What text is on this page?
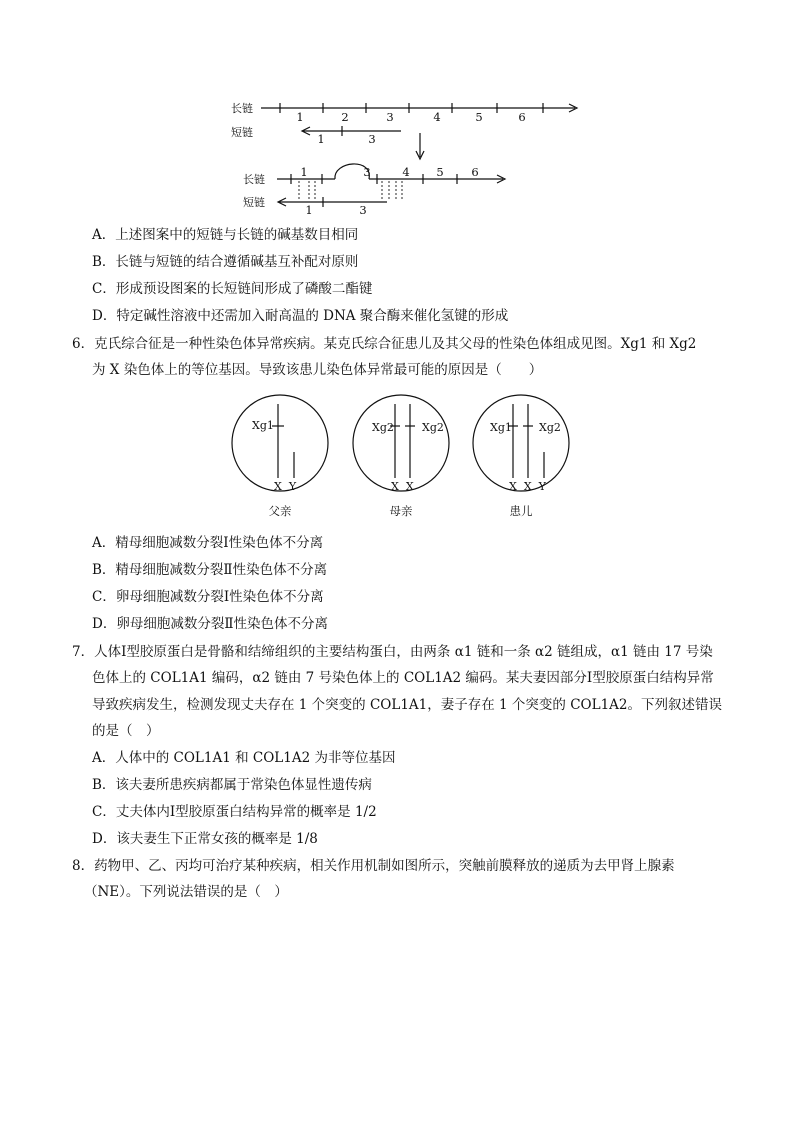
长链
短链
长链
短链
1	2	3	4	5	6
1	3
1	3	4 5 6
1	3
A．上述图案中的短链与长链的碱基数目相同
B．长链与短链的结合遵循碱基互补配对原则
C．形成预设图案的长短链间形成了磷酸二酯键
D．特定碱性溶液中还需加入耐高温的 DNA 聚合酶来催化氢键的形成
6．克氏综合征是一种性染色体异常疾病。某克氏综合征患儿及其父母的性染色体组成见图。Xg1 和 Xg2
为 X 染色体上的等位基因。导致该患儿染色体异常最可能的原因是（　　）
Xg1	Xg2	Xg2	Xg1 Xg2
X  Y	X  X	X  X  Y
父亲	母亲	患儿
A．精母细胞减数分裂Ⅰ性染色体不分离
B．精母细胞减数分裂Ⅱ性染色体不分离
C．卵母细胞减数分裂Ⅰ性染色体不分离
D．卵母细胞减数分裂Ⅱ性染色体不分离
7．人体Ⅰ型胶原蛋白是骨骼和结缔组织的主要结构蛋白，由两条 α1 链和一条 α2 链组成，α1 链由 17 号染
色体上的 COL1A1 编码，α2 链由 7 号染色体上的 COL1A2 编码。某夫妻因部分Ⅰ型胶原蛋白结构异常
导致疾病发生，检测发现丈夫存在 1 个突变的 COL1A1，妻子存在 1 个突变的 COL1A2。下列叙述错误
的是（　）
A．人体中的 COL1A1 和 COL1A2 为非等位基因
B．该夫妻所患疾病都属于常染色体显性遗传病
C．丈夫体内Ⅰ型胶原蛋白结构异常的概率是 1/2
D．该夫妻生下正常女孩的概率是 1/8
8．药物甲、乙、丙均可治疗某种疾病，相关作用机制如图所示，突触前膜释放的递质为去甲肾上腺素
（NE）。下列说法错误的是（　）
